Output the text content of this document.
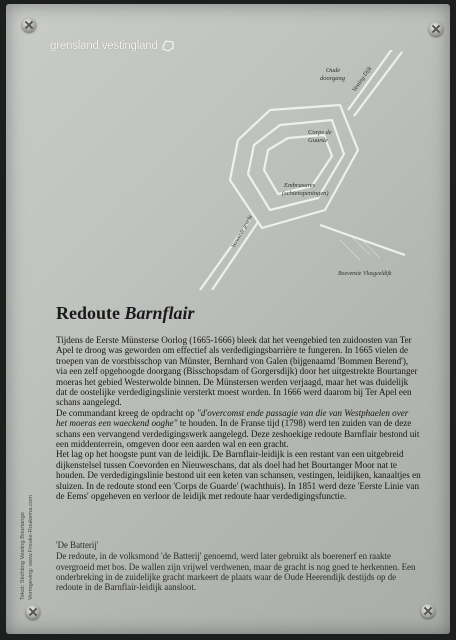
grensland vestingland
Oude doorgang Vesting Dijk
Corps de Guarde
Embrasures (schietopeningen)
Verwarde gracht
Boevenste Vlasgeeldijk
Redoute Barnflair

Tijdens de Eerste Münsterse Oorlog (1665-1666) bleek dat het veengebied ten zuidoosten van Ter Apel te droog was geworden om effectief als verdedigingsbarrière te fungeren. In 1665 vielen de troepen van de vorstbisschop van Münster, Bernhard von Galen (bijgenaamd 'Bommen Berend'), via een zelf opgehoogde doorgang (Bisschopsdam of Gorgersdijk) door het uitgestrekte Bourtanger moeras het gebied Westerwolde binnen. De Münstersen werden verjaagd, maar het was duidelijk dat de oostelijke verdedigingslinie versterkt moest worden. In 1666 werd daarom bij Ter Apel een schans aangelegd.

De commandant kreeg de opdracht op "d'overcomst ende passagie van die van Westphaelen over het moeras een waeckend ooghe" te houden. In de Franse tijd (1798) werd ten zuiden van de deze schans een vervangend verdedigingswerk aangelegd. Deze zeshoekige redoute Barnflair bestond uit een middenterrein, omgeven door een aarden wal en een gracht.

Het lag op het hoogste punt van de leidijk. De Barnflair-leidijk is een restant van een uitgebreid dijkenstelsel tussen Coevorden en Nieuweschans, dat als doel had het Bourtanger Moor nat te houden. De verdedigingslinie bestond uit een keten van schansen, vestingen, leidijken, kanaaltjes en sluizen. In de redoute stond een 'Corps de Guarde' (wachthuis). In 1851 werd deze 'Eerste Linie van de Eems' opgeheven en verloor de leidijk met redoute haar verdedigingsfunctie.

'De Batterij'

De redoute, in de volksmond 'de Batterij' genoemd, werd later gebruikt als boerenerf en raakte overgroeid met bos. De wallen zijn vrijwel verdwenen, maar de gracht is nog goed te herkennen. Een onderbreking in de zuidelijke gracht markeert de plaats waar de Oude Heerendijk destijds op de redoute in de Barnflair-leidijk aansloot.

Tekst: Stichting Vesting Bourtange Vormgeving: www.Frouke-Roukema.com
